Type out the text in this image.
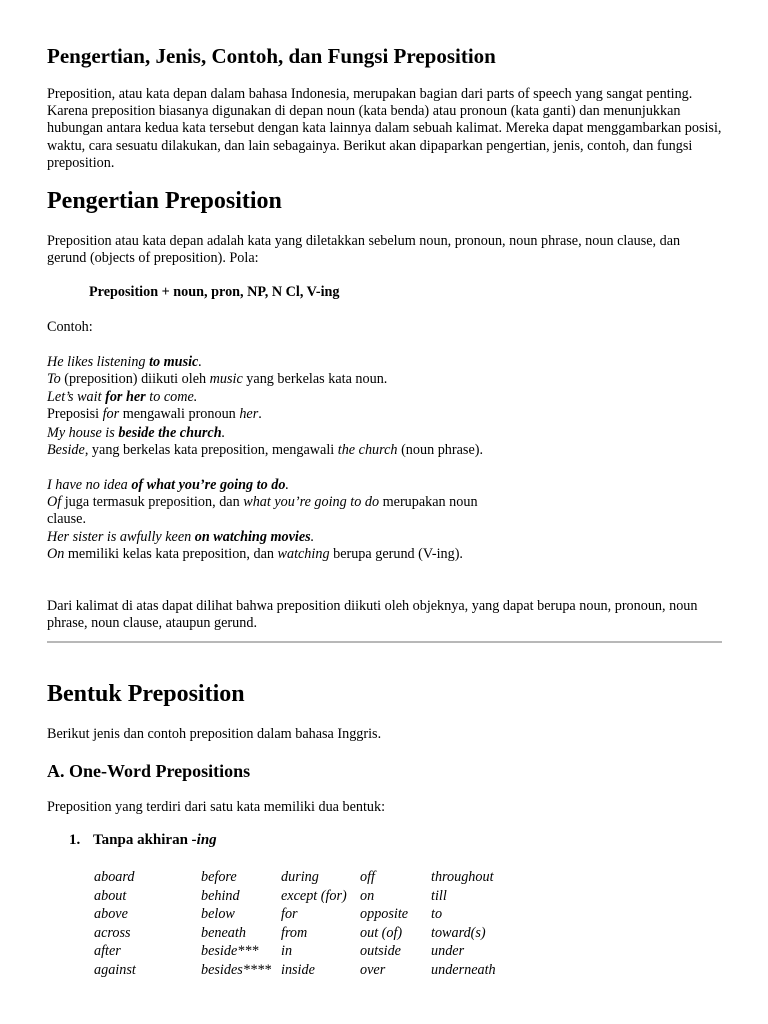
Pengertian, Jenis, Contoh, dan Fungsi Preposition

Preposition, atau kata depan dalam bahasa Indonesia, merupakan bagian dari parts of speech yang sangat penting. Karena preposition biasanya digunakan di depan noun (kata benda) atau pronoun (kata ganti) dan menunjukkan hubungan antara kedua kata tersebut dengan kata lainnya dalam sebuah kalimat. Mereka dapat menggambarkan posisi, waktu, cara sesuatu dilakukan, dan lain sebagainya. Berikut akan dipaparkan pengertian, jenis, contoh, dan fungsi preposition.

Pengertian Preposition

Preposition atau kata depan adalah kata yang diletakkan sebelum noun, pronoun, noun phrase, noun clause, dan gerund (objects of preposition). Pola:

Preposition + noun, pron, NP, N Cl, V-ing
Contoh:
He likes listening to music.
To (preposition) diikuti oleh music yang berkelas kata noun.
Let’s wait for her to come.
Preposisi for mengawali pronoun her.
My house is beside the church.
Beside, yang berkelas kata preposition, mengawali the church (noun phrase).
I have no idea of what you’re going to do.
Of juga termasuk preposition, dan what you’re going to do merupakan noun clause.
Her sister is awfully keen on watching movies.
On memiliki kelas kata preposition, dan watching berupa gerund (V-ing).

Dari kalimat di atas dapat dilihat bahwa preposition diikuti oleh objeknya, yang dapat berupa noun, pronoun, noun phrase, noun clause, ataupun gerund.

Bentuk Preposition

Berikut jenis dan contoh preposition dalam bahasa Inggris.

A. One-Word Prepositions

Preposition yang terdiri dari satu kata memiliki dua bentuk:

1. Tanpa akhiran -ing
aboard	before	during	off	throughout
about	behind	except (for)	on	till
above	below	for	opposite	to
across	beneath	from	out (of)	toward(s)
after	beside***	in	outside	under
against	besides****	inside	over	underneath
